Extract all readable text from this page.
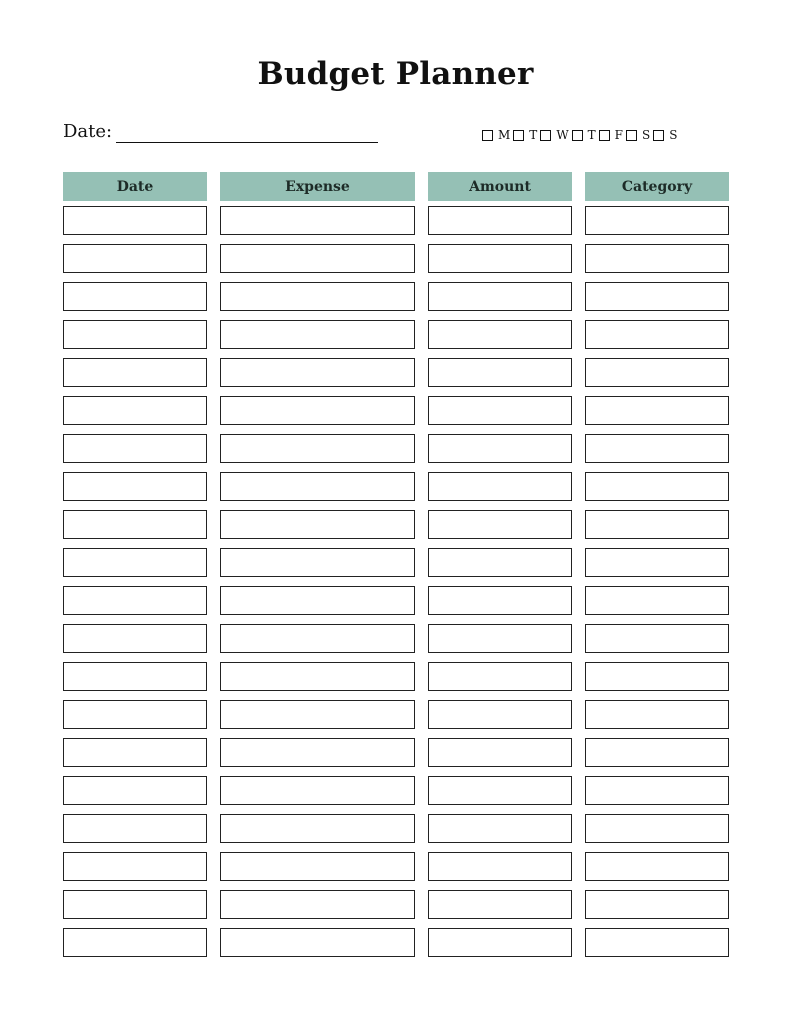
Budget Planner
Date:	M T W T F S S
Date	Expense	Amount	Category
